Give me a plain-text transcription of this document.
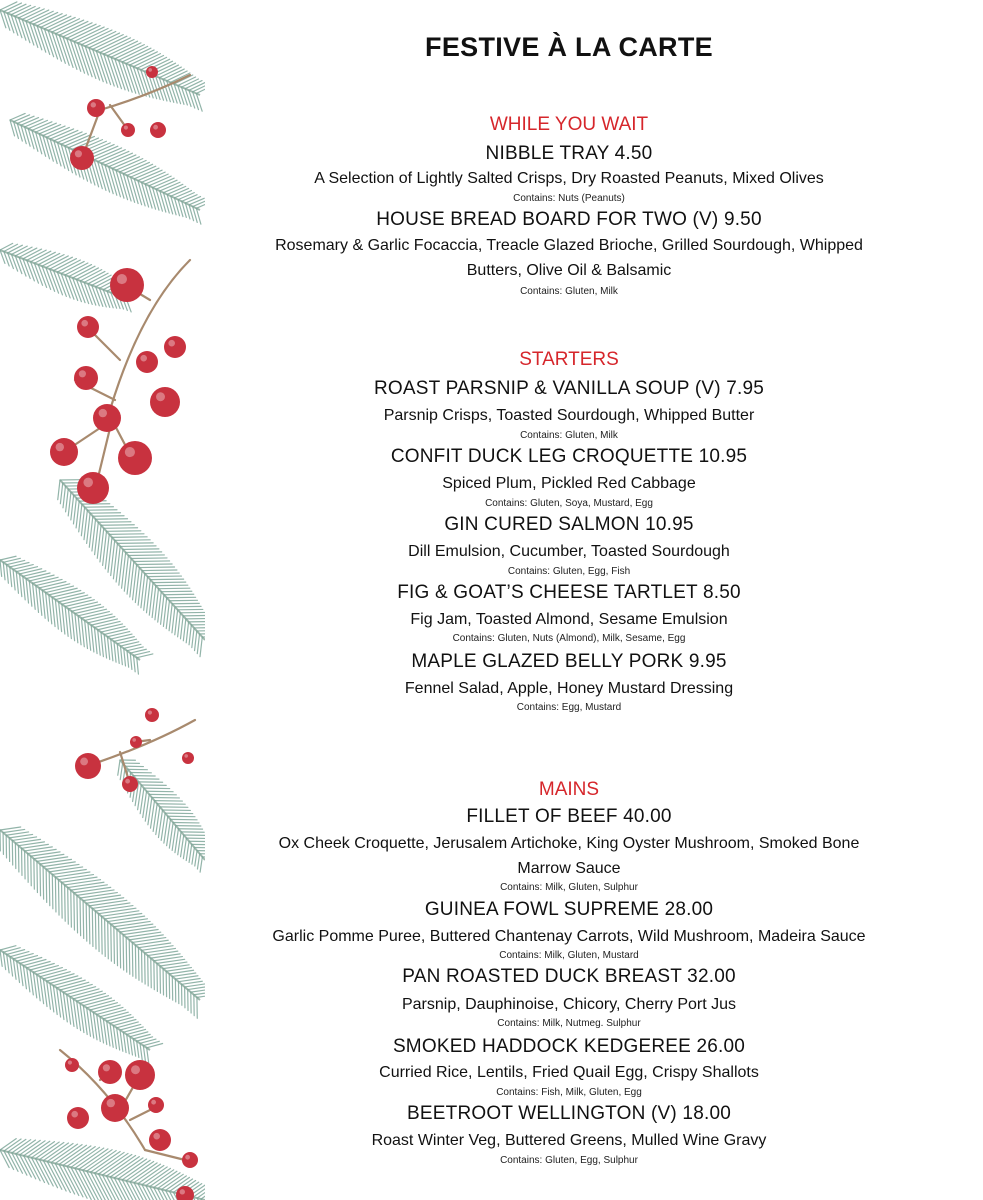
FESTIVE À LA CARTE
WHILE YOU WAIT
NIBBLE TRAY 4.50
A Selection of Lightly Salted Crisps, Dry Roasted Peanuts, Mixed Olives
Contains: Nuts (Peanuts)
HOUSE BREAD BOARD FOR TWO (V) 9.50
Rosemary & Garlic Focaccia, Treacle Glazed Brioche, Grilled Sourdough, Whipped
Butters, Olive Oil & Balsamic
Contains: Gluten, Milk
STARTERS
ROAST PARSNIP & VANILLA SOUP (V) 7.95
Parsnip Crisps, Toasted Sourdough, Whipped Butter
Contains: Gluten, Milk
CONFIT DUCK LEG CROQUETTE 10.95
Spiced Plum, Pickled Red Cabbage
Contains: Gluten, Soya, Mustard, Egg
GIN CURED SALMON 10.95
Dill Emulsion, Cucumber, Toasted Sourdough
Contains: Gluten, Egg, Fish
FIG & GOAT’S CHEESE TARTLET 8.50
Fig Jam, Toasted Almond, Sesame Emulsion
Contains: Gluten, Nuts (Almond), Milk, Sesame, Egg
MAPLE GLAZED BELLY PORK 9.95
Fennel Salad, Apple, Honey Mustard Dressing
Contains: Egg, Mustard
MAINS
FILLET OF BEEF 40.00
Ox Cheek Croquette, Jerusalem Artichoke, King Oyster Mushroom, Smoked Bone
Marrow Sauce
Contains: Milk, Gluten, Sulphur
GUINEA FOWL SUPREME 28.00
Garlic Pomme Puree, Buttered Chantenay Carrots, Wild Mushroom, Madeira Sauce
Contains: Milk, Gluten, Mustard
PAN ROASTED DUCK BREAST 32.00
Parsnip, Dauphinoise, Chicory, Cherry Port Jus
Contains: Milk, Nutmeg. Sulphur
SMOKED HADDOCK KEDGEREE 26.00
Curried Rice, Lentils, Fried Quail Egg, Crispy Shallots
Contains: Fish, Milk, Gluten, Egg
BEETROOT WELLINGTON (V) 18.00
Roast Winter Veg, Buttered Greens, Mulled Wine Gravy
Contains: Gluten, Egg, Sulphur
